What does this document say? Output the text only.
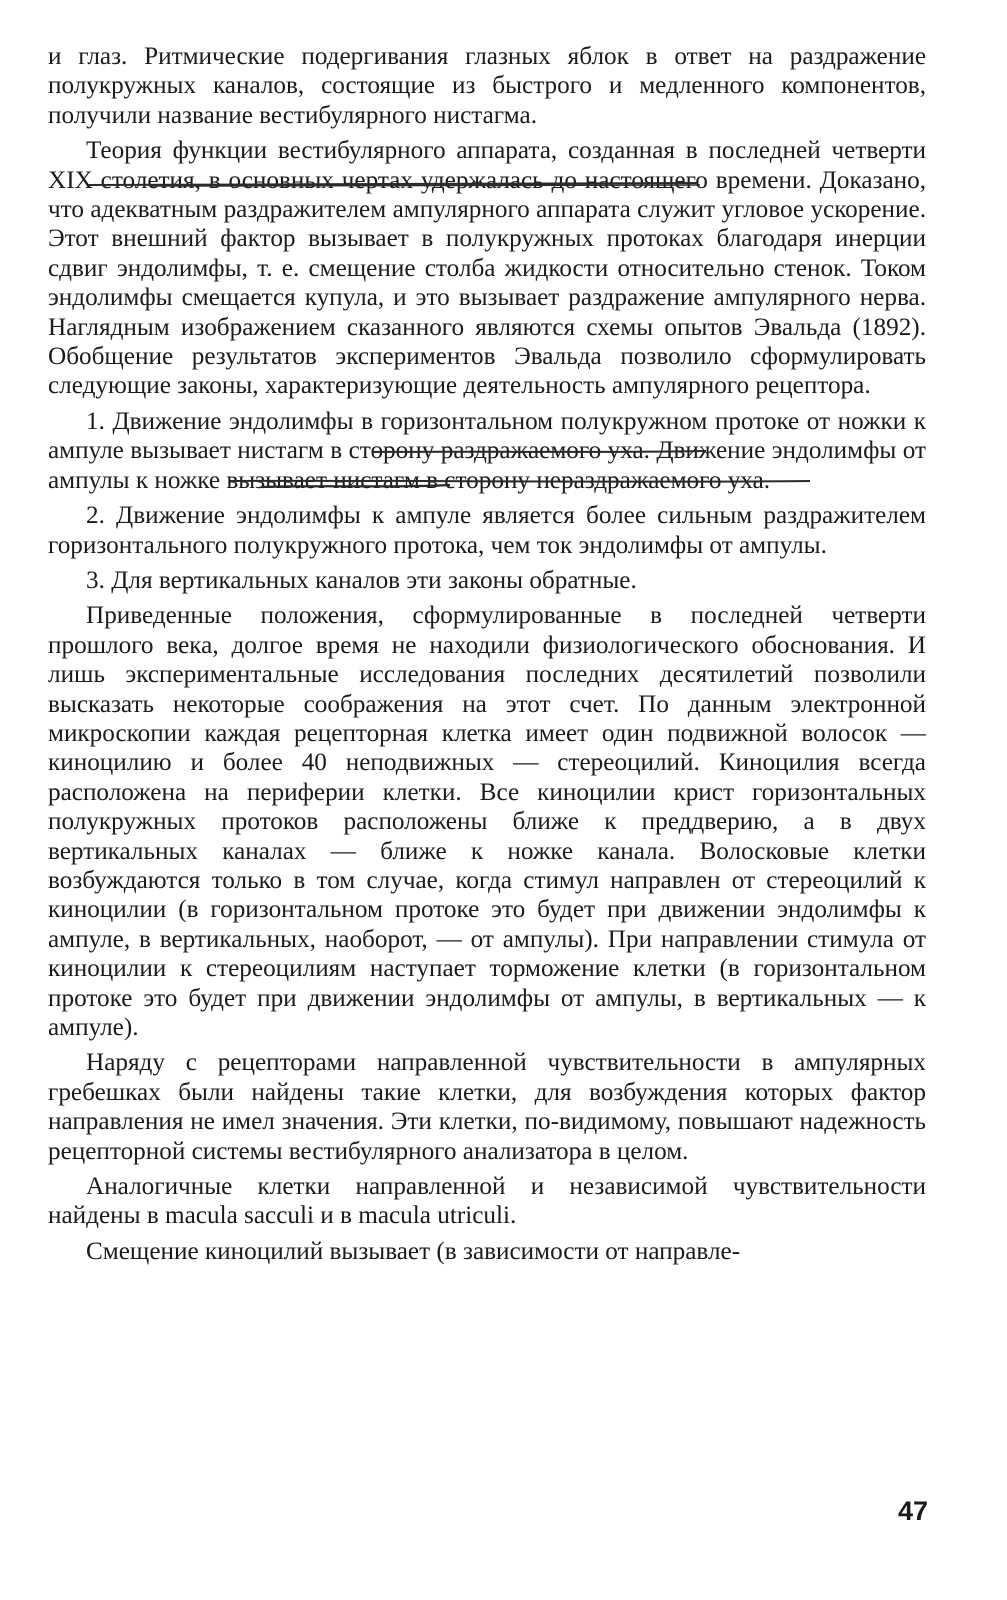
и глаз. Ритмические подергивания глазных яблок в ответ на раздражение полукружных каналов, состоящие из быстрого и медленного компонентов, получили название вестибулярного нистагма.

Теория функции вестибулярного аппарата, созданная в последней четверти XIX столетия, в основных чертах удержалась до настоящего времени. Доказано, что адекватным раздражителем ампулярного аппарата служит угловое ускорение. Этот внешний фактор вызывает в полукружных протоках благодаря инерции сдвиг эндолимфы, т. е. смещение столба жидкости относительно стенок. Током эндолимфы смещается купула, и это вызывает раздражение ампулярного нерва. Наглядным изображением сказанного являются схемы опытов Эвальда (1892). Обобщение результатов экспериментов Эвальда позволило сформулировать следующие законы, характеризующие деятельность ампулярного рецептора.

1. Движение эндолимфы в горизонтальном полукружном протоке от ножки к ампуле вызывает нистагм в сторону раздражаемого уха. Движение эндолимфы от ампулы к ножке вызывает нистагм в сторону нераздражаемого уха.

2. Движение эндолимфы к ампуле является более сильным раздражителем горизонтального полукружного протока, чем ток эндолимфы от ампулы.

3. Для вертикальных каналов эти законы обратные.

Приведенные положения, сформулированные в последней четверти прошлого века, долгое время не находили физиологического обоснования. И лишь экспериментальные исследования последних десятилетий позволили высказать некоторые соображения на этот счет. По данным электронной микроскопии каждая рецепторная клетка имеет один подвижной волосок — киноцилию и более 40 неподвижных — стереоцилий. Киноцилия всегда расположена на периферии клетки. Все киноцилии крист горизонтальных полукружных протоков расположены ближе к преддверию, а в двух вертикальных каналах — ближе к ножке канала. Волосковые клетки возбуждаются только в том случае, когда стимул направлен от стереоцилий к киноцилии (в горизонтальном протоке это будет при движении эндолимфы к ампуле, в вертикальных, наоборот, — от ампулы). При направлении стимула от киноцилии к стереоцилиям наступает торможение клетки (в горизонтальном протоке это будет при движении эндолимфы от ампулы, в вертикальных — к ампуле).

Наряду с рецепторами направленной чувствительности в ампулярных гребешках были найдены такие клетки, для возбуждения которых фактор направления не имел значения. Эти клетки, по-видимому, повышают надежность рецепторной системы вестибулярного анализатора в целом.

Аналогичные клетки направленной и независимой чувствительности найдены в macula sacculi и в macula utriculi.

Смещение киноцилий вызывает (в зависимости от направле-

47
